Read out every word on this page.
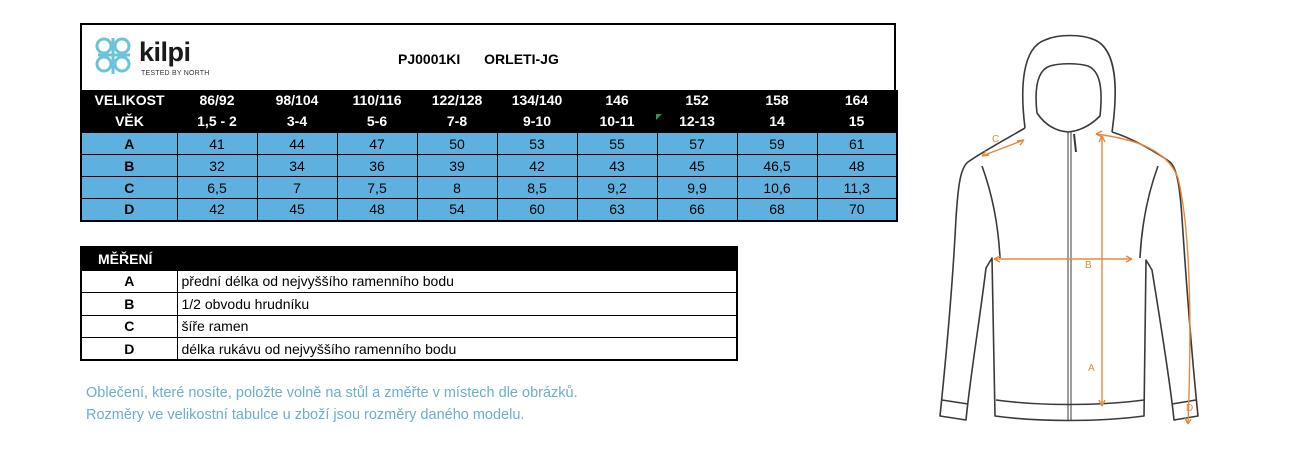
kilpi
TESTED BY NORTH
PJ0001KI ORLETI-JG
VELIKOST	86/92	98/104	110/116	122/128	134/140	146	152	158	164
VĚK	1,5 - 2	3-4	5-6	7-8	9-10	10-11	12-13	14	15
A	41	44	47	50	53	55	57	59	61
B	32	34	36	39	42	43	45	46,5	48
C	6,5	7	7,5	8	8,5	9,2	9,9	10,6	11,3
D	42	45	48	54	60	63	66	68	70
MĚŘENÍ	
A	přední délka od nejvyššího ramenního bodu
B	1/2 obvodu hrudníku
C	šíře ramen
D	délka rukávu od nejvyššího ramenního bodu
Oblečení, které nosíte, položte volně na stůl a změřte v místech dle obrázků.
Rozměry ve velikostní tabulce u zboží jsou rozměry daného modelu.
C
B
A
D
